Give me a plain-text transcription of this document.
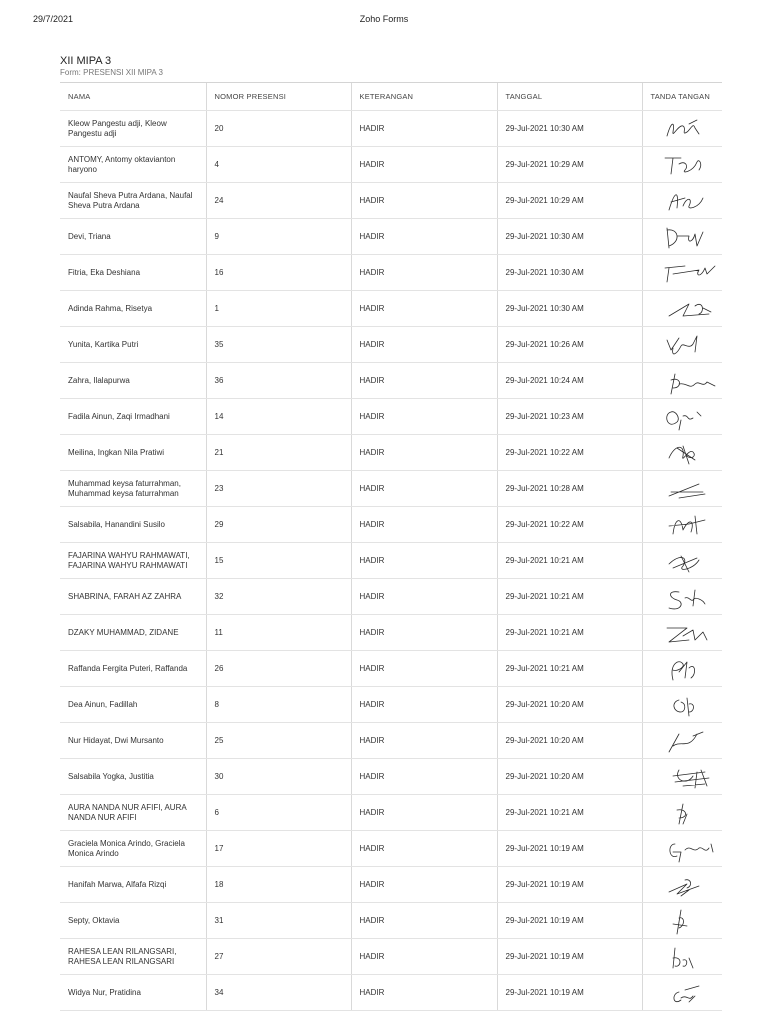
29/7/2021	Zoho Forms
XII MIPA 3
Form: PRESENSI XII MIPA 3
NAMA	NOMOR PRESENSI	KETERANGAN	TANGGAL	TANDA TANGAN
Kleow Pangestu adji, Kleow Pangestu adji	20	HADIR	29-Jul-2021 10:30 AM	

ANTOMY, Antomy oktavianton haryono	4	HADIR	29-Jul-2021 10:29 AM	

Naufal Sheva Putra Ardana, Naufal Sheva Putra Ardana	24	HADIR	29-Jul-2021 10:29 AM	

Devi, Triana	9	HADIR	29-Jul-2021 10:30 AM	

Fitria, Eka Deshiana	16	HADIR	29-Jul-2021 10:30 AM	

Adinda Rahma, Risetya	1	HADIR	29-Jul-2021 10:30 AM	

Yunita, Kartika Putri	35	HADIR	29-Jul-2021 10:26 AM	

Zahra, Ilalapurwa	36	HADIR	29-Jul-2021 10:24 AM	

Fadila Ainun, Zaqi Irmadhani	14	HADIR	29-Jul-2021 10:23 AM	

Meilina, Ingkan Nila Pratiwi	21	HADIR	29-Jul-2021 10:22 AM	

Muhammad keysa faturrahman, Muhammad keysa faturrahman	23	HADIR	29-Jul-2021 10:28 AM	

Salsabila, Hanandini Susilo	29	HADIR	29-Jul-2021 10:22 AM	

FAJARINA WAHYU RAHMAWATI, FAJARINA WAHYU RAHMAWATI	15	HADIR	29-Jul-2021 10:21 AM	

SHABRINA, FARAH AZ ZAHRA	32	HADIR	29-Jul-2021 10:21 AM	

DZAKY MUHAMMAD, ZIDANE	11	HADIR	29-Jul-2021 10:21 AM	

Raffanda Fergita Puteri, Raffanda	26	HADIR	29-Jul-2021 10:21 AM	

Dea Ainun, Fadillah	8	HADIR	29-Jul-2021 10:20 AM	

Nur Hidayat, Dwi Mursanto	25	HADIR	29-Jul-2021 10:20 AM	

Salsabila Yogka, Justitia	30	HADIR	29-Jul-2021 10:20 AM	

AURA NANDA NUR AFIFI, AURA NANDA NUR AFIFI	6	HADIR	29-Jul-2021 10:21 AM	

Graciela Monica Arindo, Graciela Monica Arindo	17	HADIR	29-Jul-2021 10:19 AM	

Hanifah Marwa, Alfafa Rizqi	18	HADIR	29-Jul-2021 10:19 AM	

Septy, Oktavia	31	HADIR	29-Jul-2021 10:19 AM	

RAHESA LEAN RILANGSARI, RAHESA LEAN RILANGSARI	27	HADIR	29-Jul-2021 10:19 AM	

Widya Nur, Pratidina	34	HADIR	29-Jul-2021 10:19 AM	
